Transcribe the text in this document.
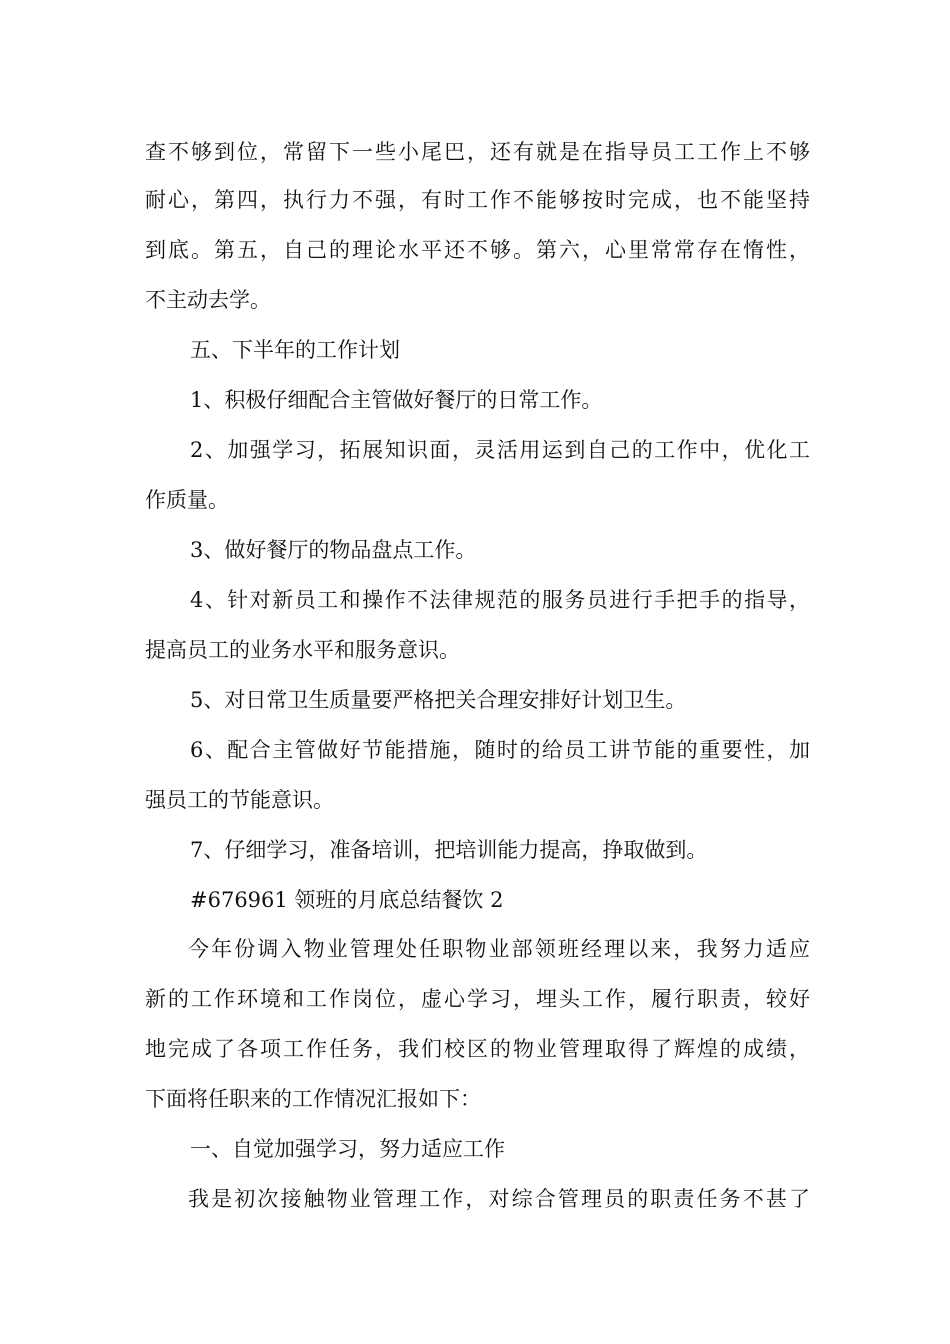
查不够到位，常留下一些小尾巴，还有就是在指导员工工作上不够
耐心，第四，执行力不强，有时工作不能够按时完成，也不能坚持
到底。第五，自己的理论水平还不够。第六，心里常常存在惰性，
不主动去学。
五、下半年的工作计划
1、积极仔细配合主管做好餐厅的日常工作。
2、加强学习，拓展知识面，灵活用运到自己的工作中，优化工
作质量。
3、做好餐厅的物品盘点工作。
4、针对新员工和操作不法律规范的服务员进行手把手的指导，
提高员工的业务水平和服务意识。
5、对日常卫生质量要严格把关合理安排好计划卫生。
6、配合主管做好节能措施，随时的给员工讲节能的重要性，加
强员工的节能意识。
7、仔细学习，准备培训，把培训能力提高，挣取做到。
#676961 领班的月底总结餐饮 2
今年份调入物业管理处任职物业部领班经理以来，我努力适应
新的工作环境和工作岗位，虚心学习，埋头工作，履行职责，较好
地完成了各项工作任务，我们校区的物业管理取得了辉煌的成绩，
下面将任职来的工作情况汇报如下：
一、自觉加强学习，努力适应工作
我是初次接触物业管理工作，对综合管理员的职责任务不甚了
